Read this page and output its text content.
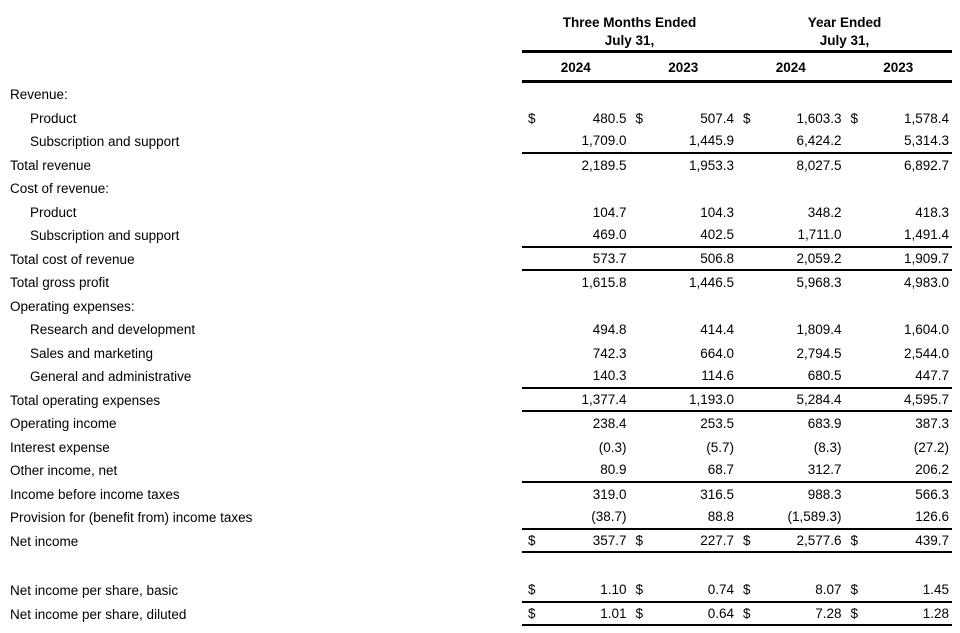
Three Months Ended	Year Ended
July 31,	July 31,
2024	2023	2024	2023
Revenue:
Product	$	480.5 $	507.4 $	1,603.3 $	1,578.4
Subscription and support	1,709.0	1,445.9	6,424.2	5,314.3
Total revenue	2,189.5	1,953.3	8,027.5	6,892.7
Cost of revenue:
Product	104.7	104.3	348.2	418.3
Subscription and support	469.0	402.5	1,711.0	1,491.4
Total cost of revenue	573.7	506.8	2,059.2	1,909.7
Total gross profit	1,615.8	1,446.5	5,968.3	4,983.0
Operating expenses:
Research and development	494.8	414.4	1,809.4	1,604.0
Sales and marketing	742.3	664.0	2,794.5	2,544.0
General and administrative	140.3	114.6	680.5	447.7
Total operating expenses	1,377.4	1,193.0	5,284.4	4,595.7
Operating income	238.4	253.5	683.9	387.3
Interest expense	(0.3)	(5.7)	(8.3)	(27.2)
Other income, net	80.9	68.7	312.7	206.2
Income before income taxes	319.0	316.5	988.3	566.3
Provision for (benefit from) income taxes	(38.7)	88.8	(1,589.3)	126.6
Net income	$	357.7 $	227.7 $	2,577.6 $	439.7
Net income per share, basic	$	1.10 $	0.74 $	8.07 $	1.45
Net income per share, diluted	$	1.01 $	0.64 $	7.28 $	1.28
